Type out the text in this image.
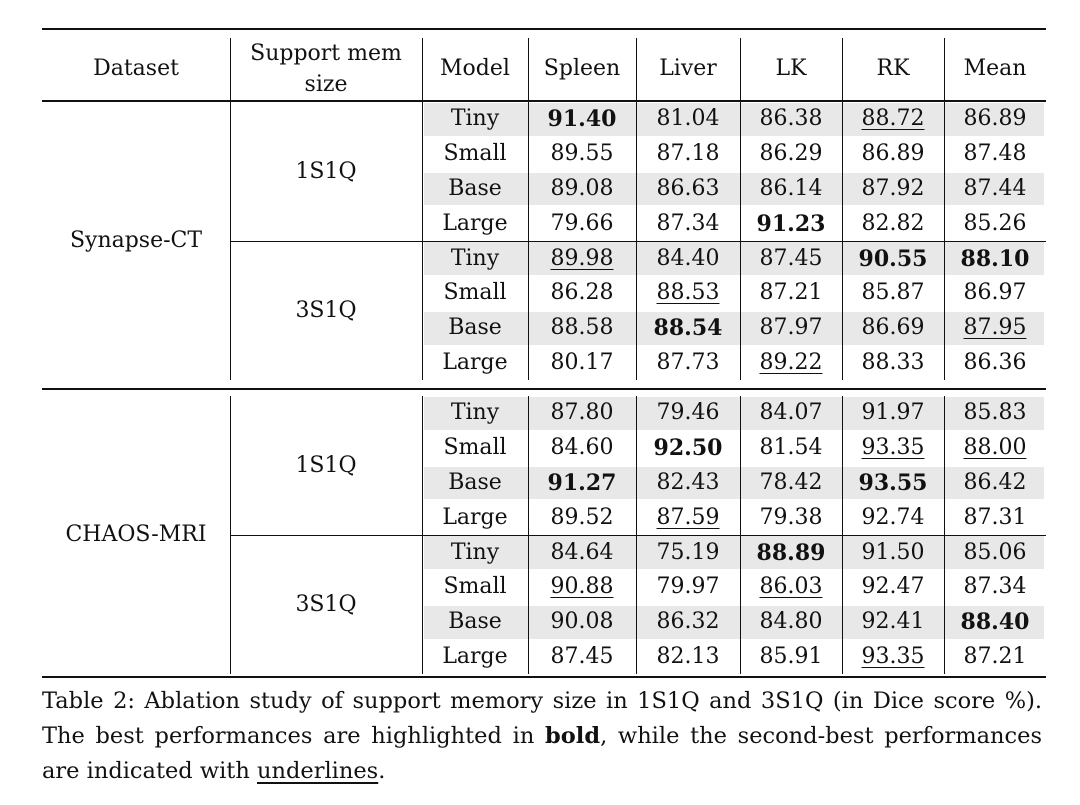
Dataset
Support mem
size
Model	Spleen	Liver	LK	RK	Mean
Synapse-CT
1S1Q
Tiny	91.40	81.04	86.38	88.72	86.89
Small	89.55	87.18	86.29	86.89	87.48
Base	89.08	86.63	86.14	87.92	87.44
Large	79.66	87.34	91.23	82.82	85.26
3S1Q
Tiny	89.98	84.40	87.45	90.55	88.10
Small	86.28	88.53	87.21	85.87	86.97
Base	88.58	88.54	87.97	86.69	87.95
Large	80.17	87.73	89.22	88.33	86.36
CHAOS-MRI
1S1Q
Tiny	87.80	79.46	84.07	91.97	85.83
Small	84.60	92.50	81.54	93.35	88.00
Base	91.27	82.43	78.42	93.55	86.42
Large	89.52	87.59	79.38	92.74	87.31
3S1Q
Tiny	84.64	75.19	88.89	91.50	85.06
Small	90.88	79.97	86.03	92.47	87.34
Base	90.08	86.32	84.80	92.41	88.40
Large	87.45	82.13	85.91	93.35	87.21
Table 2: Ablation study of support memory size in 1S1Q and 3S1Q (in Dice score %). The best performances are highlighted in bold, while the second-best performances are indicated with underlines.
